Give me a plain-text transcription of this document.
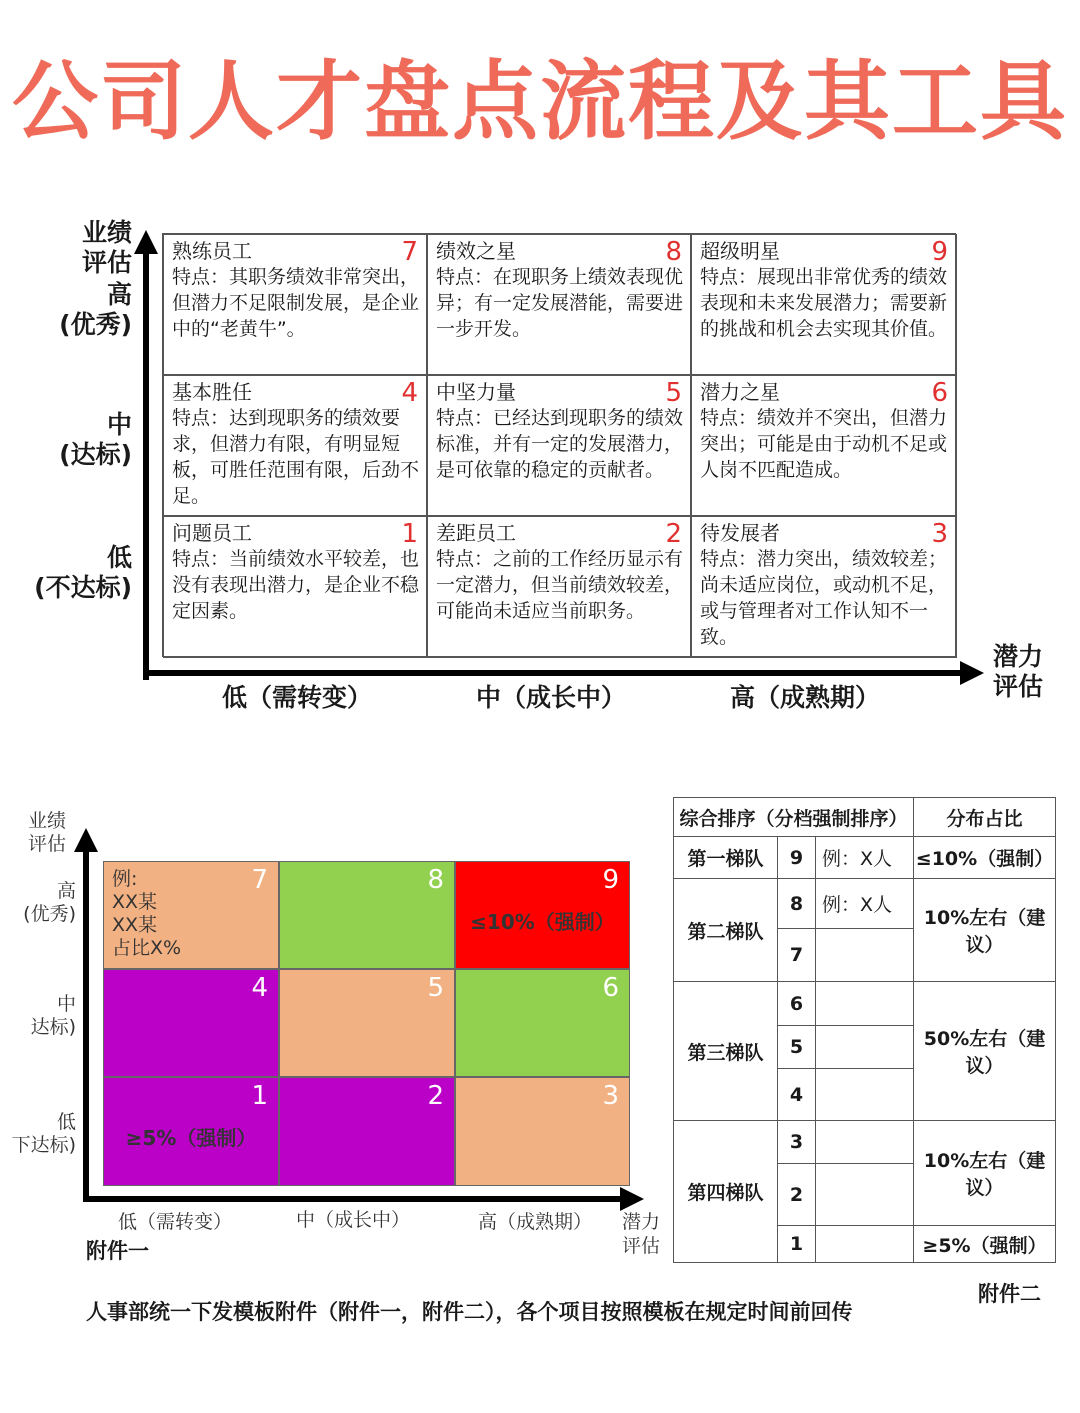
公司人才盘点流程及其工具
业绩
评估
高
(优秀)
中
(达标)
低
(不达标)
熟练员工	7
特点：其职务绩效非常突出，但潜力不足限制发展，是企业中的“老黄牛”。
绩效之星	8
特点：在现职务上绩效表现优异；有一定发展潜能，需要进一步开发。
超级明星	9
特点：展现出非常优秀的绩效表现和未来发展潜力；需要新的挑战和机会去实现其价值。
基本胜任	4
特点：达到现职务的绩效要求，但潜力有限，有明显短板，可胜任范围有限，后劲不足。
中坚力量	5
特点：已经达到现职务的绩效标准，并有一定的发展潜力，是可依靠的稳定的贡献者。
潜力之星	6
特点：绩效并不突出，但潜力突出；可能是由于动机不足或人岗不匹配造成。
问题员工	1
特点：当前绩效水平较差，也没有表现出潜力，是企业不稳定因素。
差距员工	2
特点：之前的工作经历显示有一定潜力，但当前绩效较差，可能尚未适应当前职务。
待发展者	3
特点：潜力突出，绩效较差；尚未适应岗位，或动机不足，或与管理者对工作认知不一致。
低（需转变）	中（成长中）	高（成熟期）
潜力
评估
业绩
评估
高
(优秀)
中
达标)
低
下达标)
7
例:
XX某
XX某
占比X%
8	9
≤10%（强制）
4	5	6
1
≥5%（强制）
2	3
低（需转变）	中（成长中）	高（成熟期）	潜力
评估
附件一
综合排序（分档强制排序）			分布占比
第一梯队	9	例：X人	≤10%（强制）
第二梯队	8	例：X人	10%左右（建议）
	7		
第三梯队	6		50%左右（建议）
	5		
	4		
第四梯队	3		10%左右（建议）
	2		
	1		≥5%（强制）
附件二
人事部统一下发模板附件（附件一，附件二），各个项目按照模板在规定时间前回传
